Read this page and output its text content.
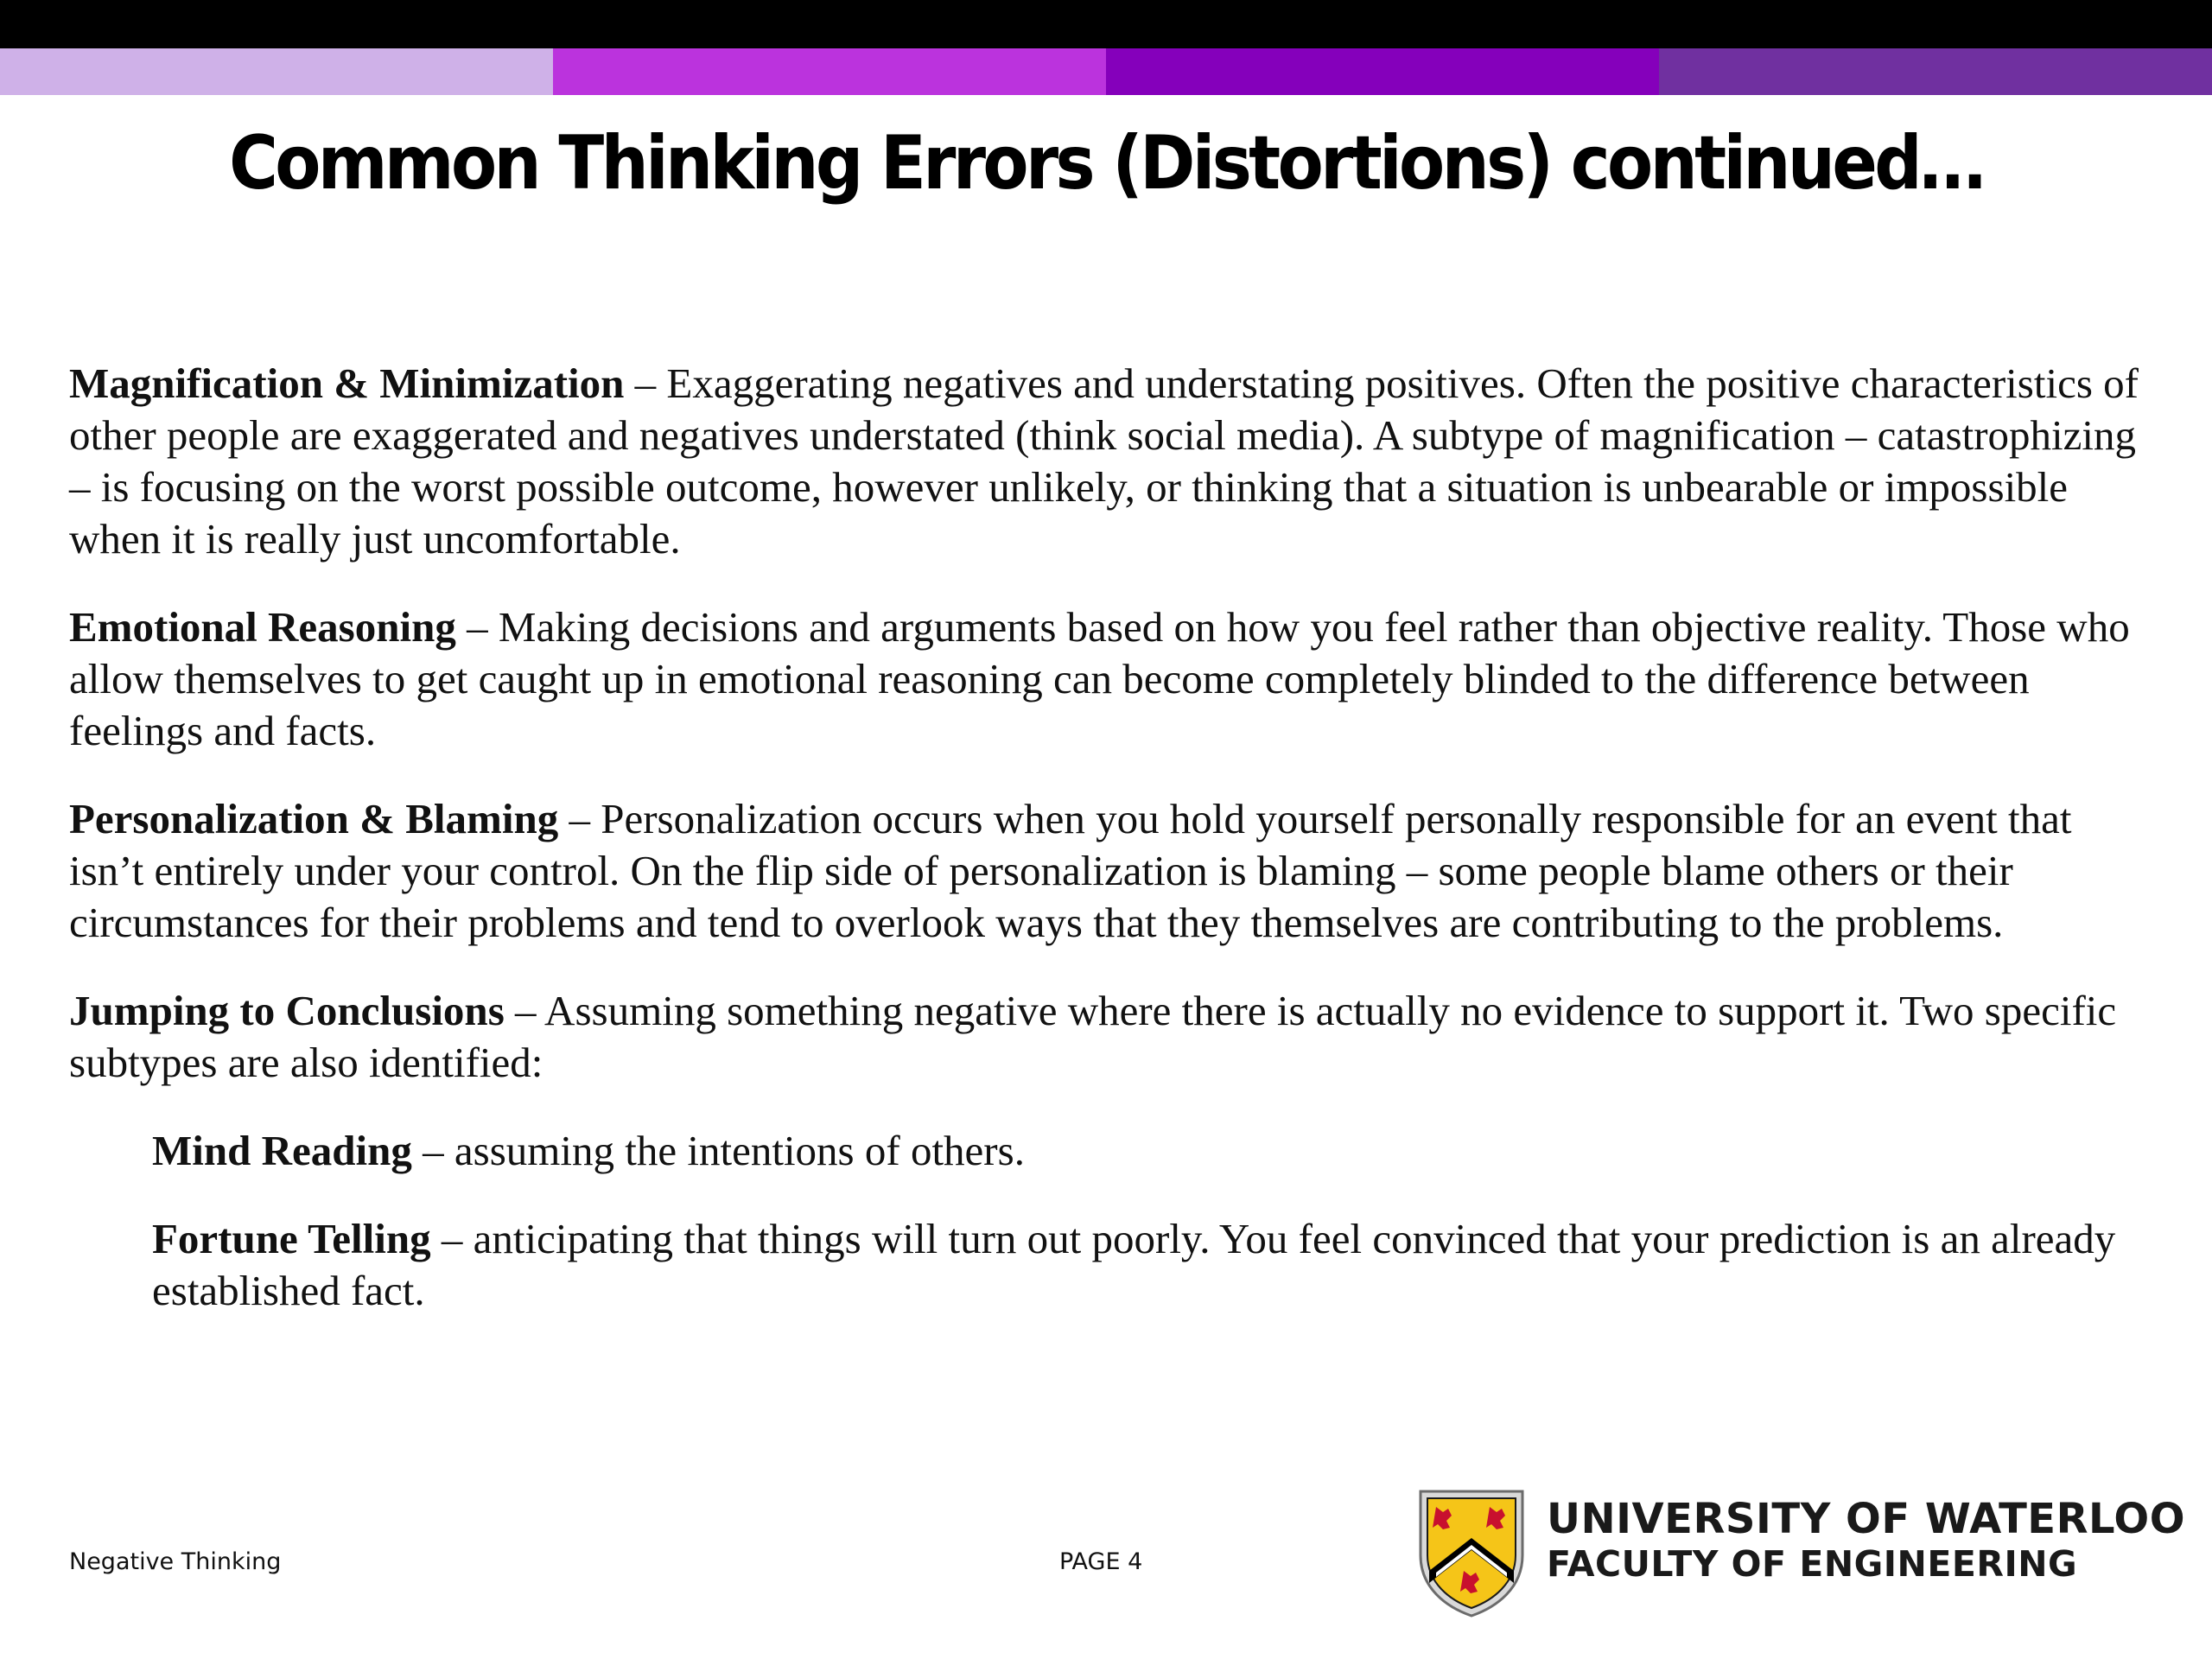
Common Thinking Errors (Distortions) continued…

Magnification & Minimization – Exaggerating negatives and understating positives. Often the positive characteristics of other people are exaggerated and negatives understated (think social media). A subtype of magnification – catastrophizing – is focusing on the worst possible outcome, however unlikely, or thinking that a situation is unbearable or impossible when it is really just uncomfortable.

Emotional Reasoning – Making decisions and arguments based on how you feel rather than objective reality. Those who allow themselves to get caught up in emotional reasoning can become completely blinded to the difference between feelings and facts.

Personalization & Blaming – Personalization occurs when you hold yourself personally responsible for an event that isn’t entirely under your control. On the flip side of personalization is blaming – some people blame others or their circumstances for their problems and tend to overlook ways that they themselves are contributing to the problems.

Jumping to Conclusions – Assuming something negative where there is actually no evidence to support it. Two specific subtypes are also identified:

Mind Reading – assuming the intentions of others.

Fortune Telling – anticipating that things will turn out poorly. You feel convinced that your prediction is an already established fact.

Negative Thinking	PAGE 4
UNIVERSITY OF WATERLOO
FACULTY OF ENGINEERING
